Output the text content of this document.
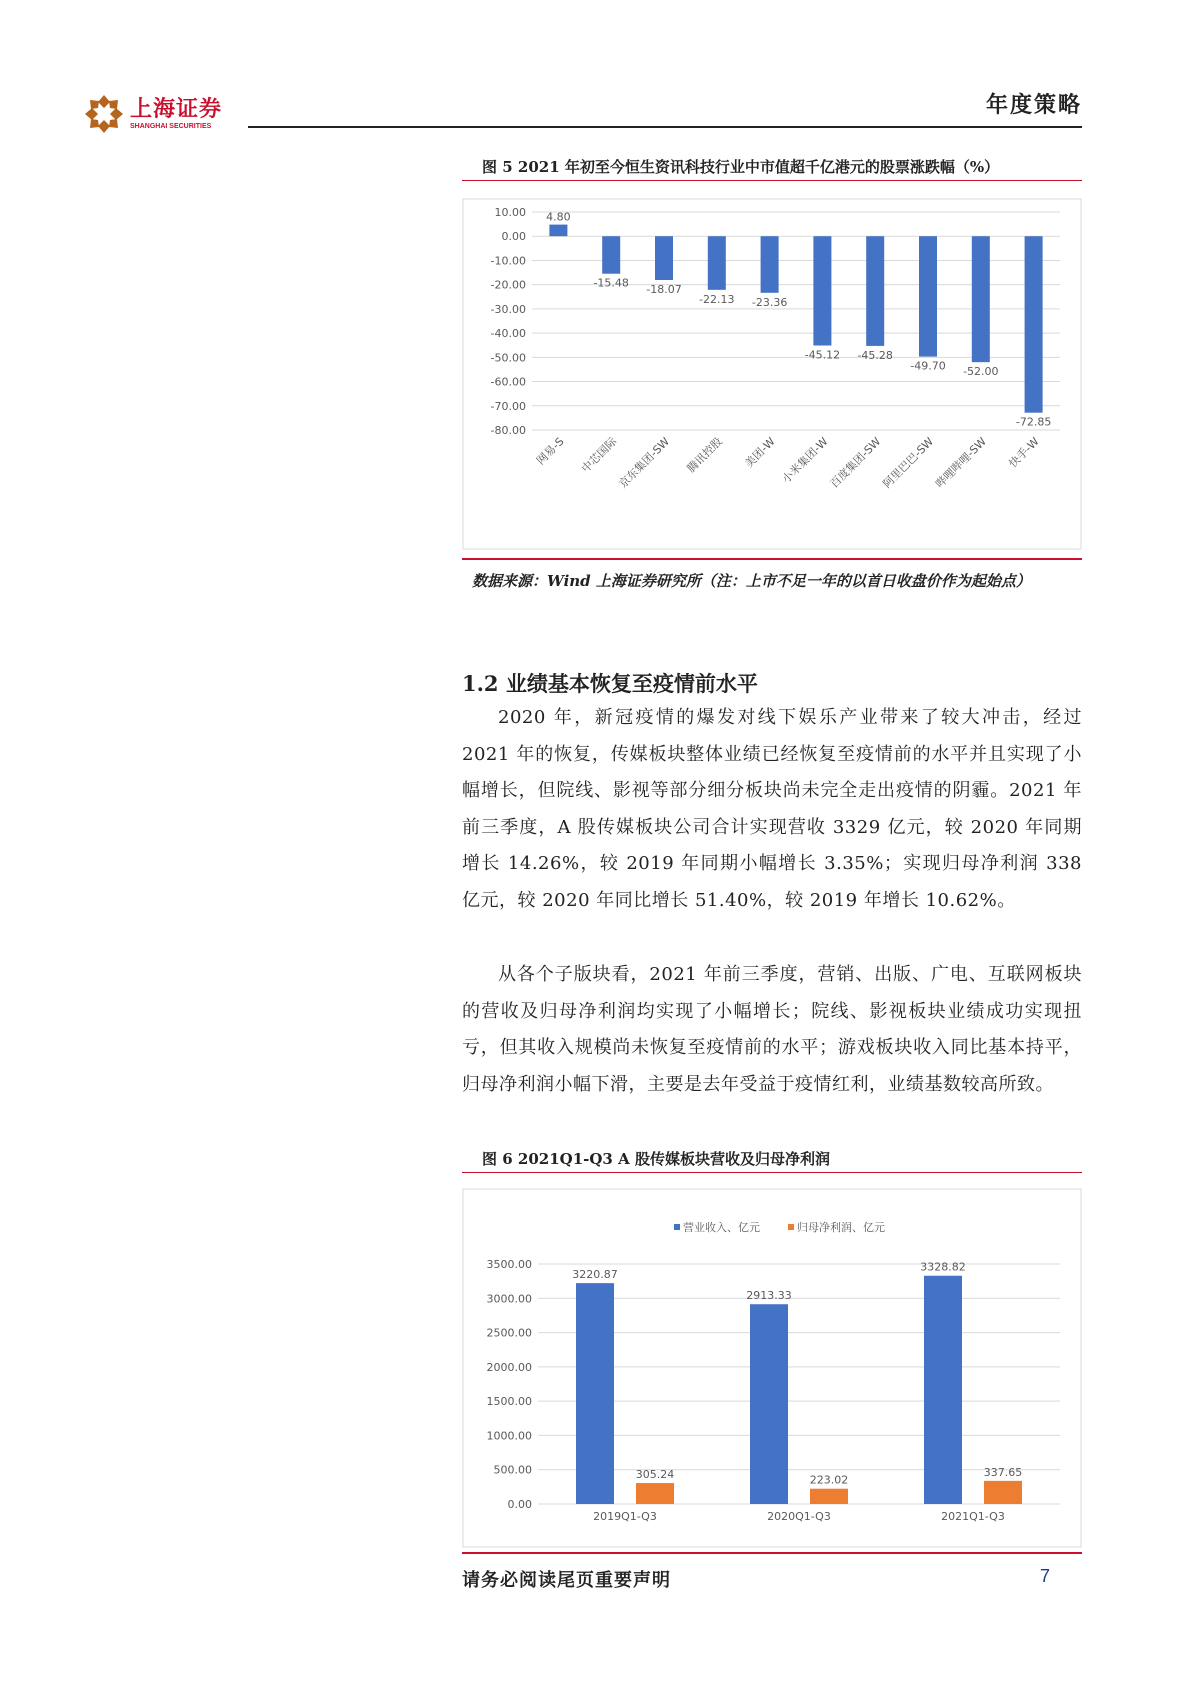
上海证券
SHANGHAI SECURITIES
年度策略
图 5 2021 年初至今恒生资讯科技行业中市值超千亿港元的股票涨跌幅（%）
10.00
0.00
-10.00
-20.00
-30.00
-40.00
-50.00
-60.00
-70.00
-80.00
4.80
网易-S
-15.48
中芯国际
-18.07
京东集团-SW
-22.13
腾讯控股
-23.36
美团-W
-45.12
小米集团-W
-45.28
百度集团-SW
-49.70
阿里巴巴-SW
-52.00
哔哩哔哩-SW
-72.85
快手-W
数据来源：Wind 上海证券研究所（注：上市不足一年的以首日收盘价作为起始点）
1.2 业绩基本恢复至疫情前水平
2020 年，新冠疫情的爆发对线下娱乐产业带来了较大冲击，经过 2021 年的恢复，传媒板块整体业绩已经恢复至疫情前的水平并且实现了小幅增长，但院线、影视等部分细分板块尚未完全走出疫情的阴霾。2021 年前三季度，A 股传媒板块公司合计实现营收 3329 亿元，较 2020 年同期增长 14.26%，较 2019 年同期小幅增长 3.35%；实现归母净利润 338 亿元，较 2020 年同比增长 51.40%，较 2019 年增长 10.62%。
从各个子版块看，2021 年前三季度，营销、出版、广电、互联网板块的营收及归母净利润均实现了小幅增长；院线、影视板块业绩成功实现扭亏，但其收入规模尚未恢复至疫情前的水平；游戏板块收入同比基本持平，归母净利润小幅下滑，主要是去年受益于疫情红利，业绩基数较高所致。
图 6 2021Q1-Q3 A 股传媒板块营收及归母净利润
营业收入、亿元	归母净利润、亿元
3500.00
3000.00
2500.00
2000.00
1500.00
1000.00
500.00
0.00
3220.87
305.24
2019Q1-Q3
2913.33
223.02
2020Q1-Q3
3328.82
337.65
2021Q1-Q3
请务必阅读尾页重要声明	7
